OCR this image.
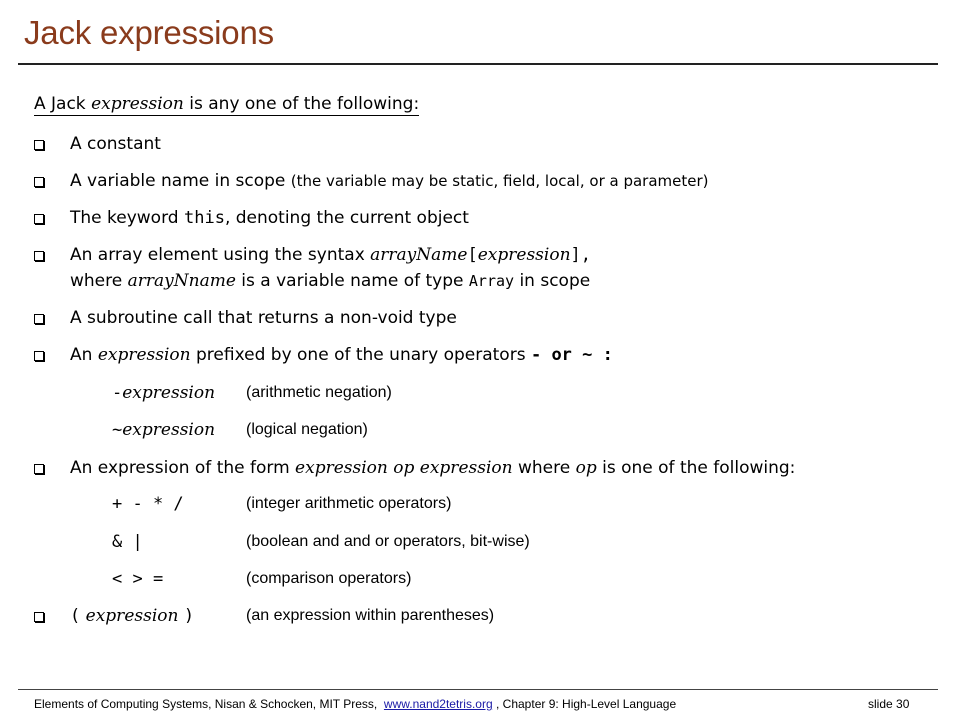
Jack expressions
A Jack expression is any one of the following:
A constant
A variable name in scope (the variable may be static, field, local, or a parameter)
The keyword this, denoting the current object
An array element using the syntax arrayName[expression],
where arrayNname is a variable name of type Array in scope
A subroutine call that returns a non-void type
An expression prefixed by one of the unary operators - or ~ :
-expression (arithmetic negation)
~expression (logical negation)
An expression of the form expression op expression where op is one of the following:
+ - * /	(integer arithmetic operators)
& |	(boolean and and or operators, bit-wise)
< > =	(comparison operators)
( expression )	(an expression within parentheses)
Elements of Computing Systems, Nisan & Schocken, MIT Press, www.nand2tetris.org , Chapter 9: High-Level Language	slide 30
